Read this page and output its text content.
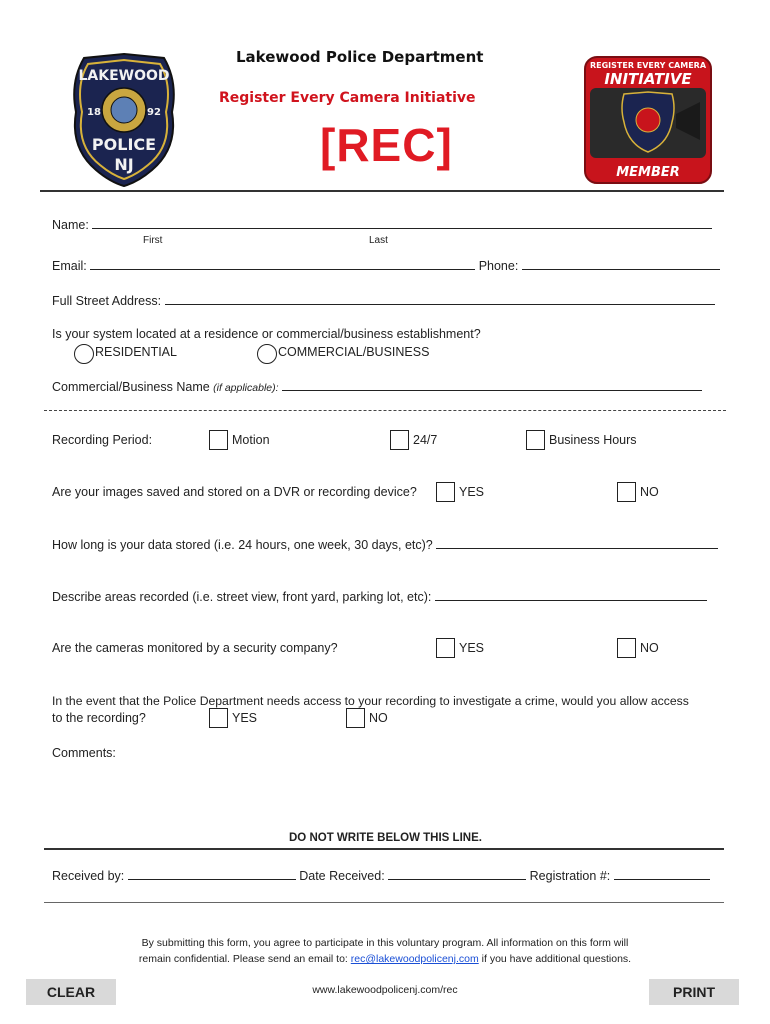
LAKEWOOD
18	92
POLICE
NJ
Lakewood Police Department
Register Every Camera Initiative
[REC]
REGISTER EVERY CAMERA
INITIATIVE
MEMBER
Name:
First	Last
Email:	Phone:
Full Street Address:
Is your system located at a residence or commercial/business establishment?
RESIDENTIAL	COMMERCIAL/BUSINESS
Commercial/Business Name (if applicable):
Recording Period:	Motion	24/7	Business Hours
Are your images saved and stored on a DVR or recording device?	YES	NO
How long is your data stored (i.e. 24 hours, one week, 30 days, etc)?
Describe areas recorded (i.e. street view, front yard, parking lot, etc):
Are the cameras monitored by a security company?	YES	NO
In the event that the Police Department needs access to your recording to investigate a crime, would you allow access
to the recording?	YES	NO
Comments:
DO NOT WRITE BELOW THIS LINE.
Received by:	Date Received:	Registration #:
By submitting this form, you agree to participate in this voluntary program. All information on this form will
remain confidential. Please send an email to: rec@lakewoodpolicenj.com if you have additional questions.
www.lakewoodpolicenj.com/rec
CLEAR	PRINT
